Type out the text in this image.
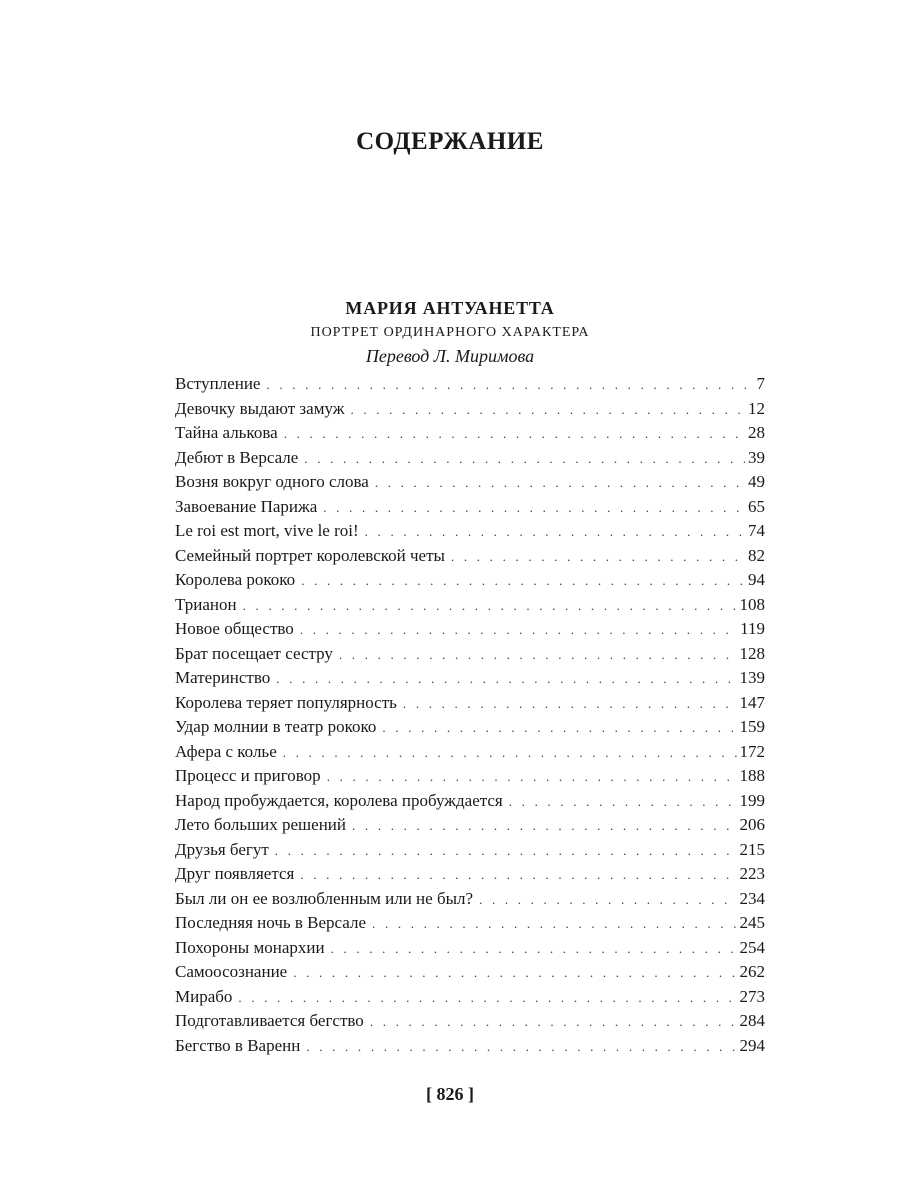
СОДЕРЖАНИЕ
МАРИЯ АНТУАНЕТТА
ПОРТРЕТ ОРДИНАРНОГО ХАРАКТЕРА
Перевод Л. Миримова
Вступление . . .	7
Девочку выдают замуж . . .	12
Тайна алькова . . .	28
Дебют в Версале . . .	39
Возня вокруг одного слова . . .	49
Завоевание Парижа . . .	65
Le roi est mort, vive le roi! . . .	74
Семейный портрет королевской четы . . .	82
Королева рококо . . .	94
Трианон . . .	108
Новое общество . . .	119
Брат посещает сестру . . .	128
Материнство . . .	139
Королева теряет популярность . . .	147
Удар молнии в театр рококо . . .	159
Афера с колье . . .	172
Процесс и приговор . . .	188
Народ пробуждается, королева пробуждается . . .	199
Лето больших решений . . .	206
Друзья бегут . . .	215
Друг появляется . . .	223
Был ли он ее возлюбленным или не был? . . .	234
Последняя ночь в Версале . . .	245
Похороны монархии . . .	254
Самоосознание . . .	262
Мирабо . . .	273
Подготавливается бегство . . .	284
Бегство в Варенн . . .	294
[ 826 ]
